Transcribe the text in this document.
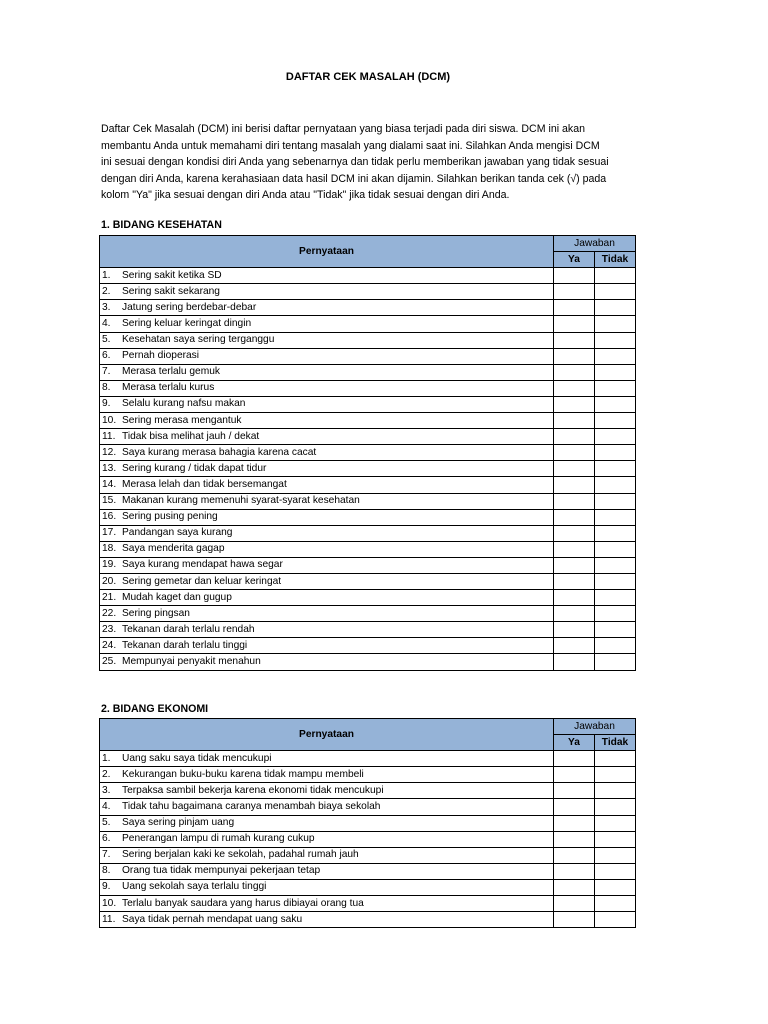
DAFTAR CEK MASALAH (DCM)

Daftar Cek Masalah (DCM) ini berisi daftar pernyataan yang biasa terjadi pada diri siswa. DCM ini akan

membantu Anda untuk memahami diri tentang masalah yang dialami saat ini. Silahkan Anda mengisi DCM

ini sesuai dengan kondisi diri Anda yang sebenarnya dan tidak perlu memberikan jawaban yang tidak sesuai

dengan diri Anda, karena kerahasiaan data hasil DCM ini akan dijamin. Silahkan berikan tanda cek (√) pada

kolom "Ya" jika sesuai dengan diri Anda atau "Tidak" jika tidak sesuai dengan diri Anda.

1. BIDANG KESEHATAN
Pernyataan	Jawaban	
	Ya	Tidak
1. Sering sakit ketika SD		
2. Sering sakit sekarang		
3. Jatung sering berdebar-debar		
4. Sering keluar keringat dingin		
5. Kesehatan saya sering terganggu		
6. Pernah dioperasi		
7. Merasa terlalu gemuk		
8. Merasa terlalu kurus		
9. Selalu kurang nafsu makan		
10. Sering merasa mengantuk		
11. Tidak bisa melihat jauh / dekat		
12. Saya kurang merasa bahagia karena cacat		
13. Sering kurang / tidak dapat tidur		
14. Merasa lelah dan tidak bersemangat		
15. Makanan kurang memenuhi syarat-syarat kesehatan		
16. Sering pusing pening		
17. Pandangan saya kurang		
18. Saya menderita gagap		
19. Saya kurang mendapat hawa segar		
20. Sering gemetar dan keluar keringat		
21. Mudah kaget dan gugup		
22. Sering pingsan		
23. Tekanan darah terlalu rendah		
24. Tekanan darah terlalu tinggi		
25. Mempunyai penyakit menahun		
2. BIDANG EKONOMI
Pernyataan	Jawaban	
	Ya	Tidak
1. Uang saku saya tidak mencukupi		
2. Kekurangan buku-buku karena tidak mampu membeli		
3. Terpaksa sambil bekerja karena ekonomi tidak mencukupi		
4. Tidak tahu bagaimana caranya menambah biaya sekolah		
5. Saya sering pinjam uang		
6. Penerangan lampu di rumah kurang cukup		
7. Sering berjalan kaki ke sekolah, padahal rumah jauh		
8. Orang tua tidak mempunyai pekerjaan tetap		
9. Uang sekolah saya terlalu tinggi		
10. Terlalu banyak saudara yang harus dibiayai orang tua		
11. Saya tidak pernah mendapat uang saku		
